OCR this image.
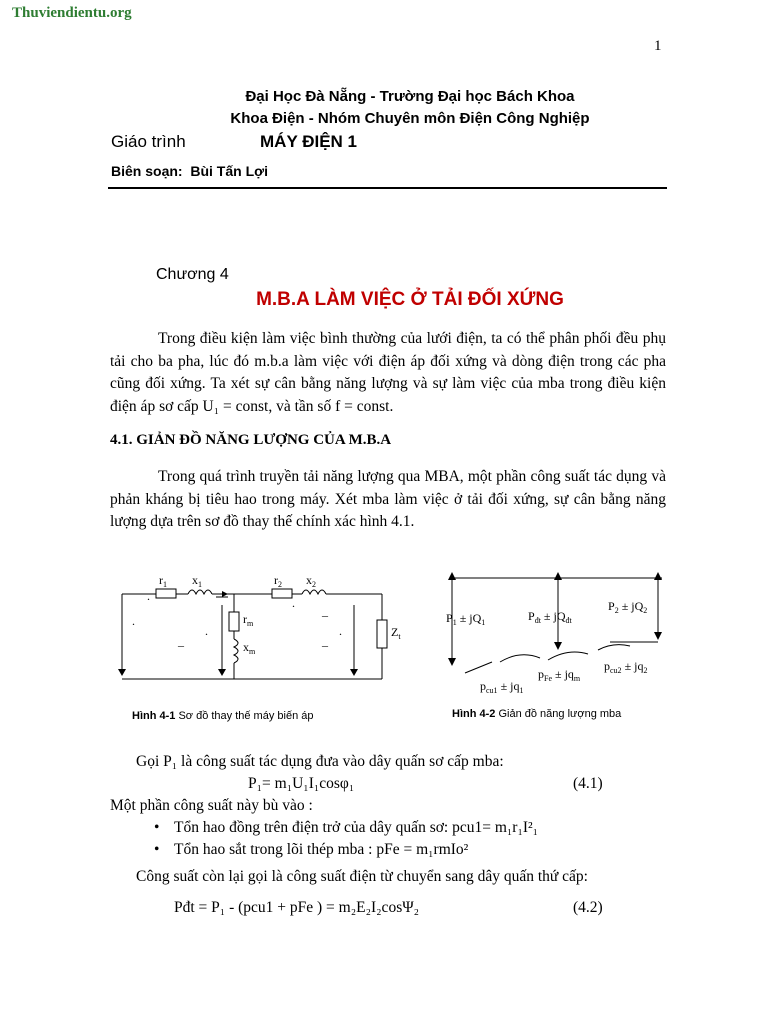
Thuviendientu.org
1
Đại Học Đà Nẵng - Trường Đại học Bách Khoa
Khoa Điện - Nhóm Chuyên môn Điện Công Nghiệp
Giáo trình	MÁY ĐIỆN 1
Biên soạn: Bùi Tấn Lợi
Chương 4
M.B.A LÀM VIỆC Ở TẢI ĐỐI XỨNG
Trong điều kiện làm việc bình thường của lưới điện, ta có thể phân phối đều phụ tải cho ba pha, lúc đó m.b.a làm việc với điện áp đối xứng và dòng điện trong các pha cũng đối xứng. Ta xét sự cân bằng năng lượng và sự làm việc của mba trong điều kiện điện áp sơ cấp U₁ = const, và tần số f = const.
4.1. GIẢN ĐỒ NĂNG LƯỢNG CỦA M.B.A
Trong quá trình truyền tải năng lượng qua MBA, một phần công suất tác dụng và phản kháng bị tiêu hao trong máy. Xét mba làm việc ở tải đối xứng, sự cân bằng năng lượng dựa trên sơ đồ thay thế chính xác hình 4.1.
$r_1$ $x_1$	$r_2$ $x_2$
$r_m$
$x_m$
$Z_t$
_
_
_
.
.	.
.
.
Hình 4-1 Sơ đồ thay thế máy biến áp
$P_1 \pm jQ_1$	$P_{đt} \pm jQ_{đt}$
$P_2 \pm jQ_2$
$p_{Fe} \pm jq_m$
$p_{cu2} \pm jq_2$
$p_{cu1} \pm jq_1$
Hình 4-2 Giản đồ năng lượng mba
Gọi P₁ là công suất tác dụng đưa vào dây quấn sơ cấp mba:
P₁= m₁U₁I₁cosφ₁	(4.1)
Một phần công suất này bù vào :
• Tổn hao đồng trên điện trở của dây quấn sơ: pcu1= m₁r₁I²₁
• Tổn hao sắt trong lõi thép mba : pFe = m₁rmIo²
Công suất còn lại gọi là công suất điện từ chuyển sang dây quấn thứ cấp:
Pđt = P₁ - (pcu1 + pFe ) = m₂E₂I₂cosΨ₂	(4.2)
